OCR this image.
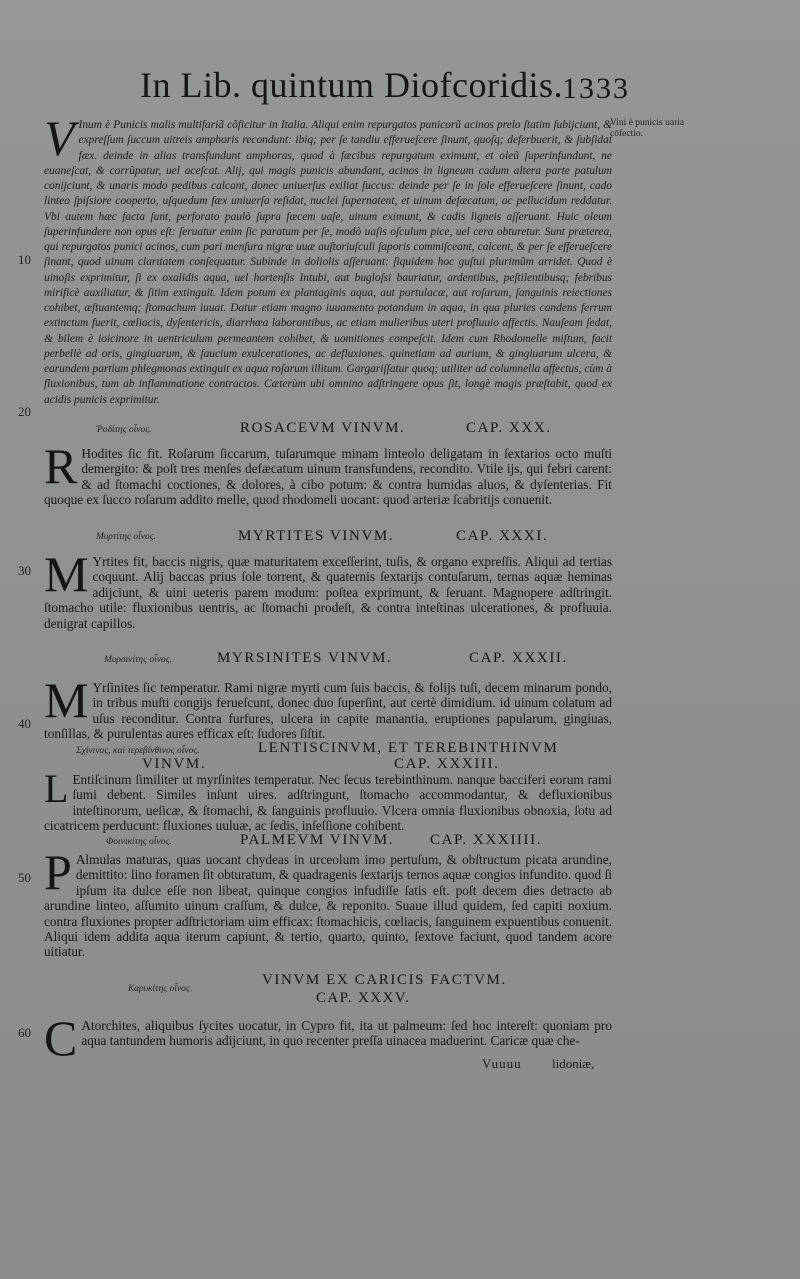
In Lib. quintum Diofcoridis. 1333
Vini è punicis uaria cōfectio.
10
20
30
40
50
60
V Inum è Punicis malis multifariã cõficitur in Italia. Aliqui enim repurgatos punicorũ acinos prelo ſtatim ſubijciunt, & expreſſum ſuccum uitreis amphoris recondunt: ibiq; per ſe tandiu efferueſcere ſinunt, quoſq; deferbuerit, & ſubſidat fæx. deinde in alias transfundunt amphoras, quod à fæcibus repurgatum eximunt, et oleũ ſuperinfundunt, ne euaneſcat, & corrũpatur, uel aceſcat. Alij, qui magis punicis abundant, acinos in ligneum cadum altera parte patulum conijciunt, & unaris modo pedibus calcant, donec uniuerſus exiliat ſuccus: deinde per ſe in ſole efferueſcere ſinunt, cado linteo ſpiſsiore cooperto, uſquedum fæx uniuerſa reſidat, nuclei ſupernatent, et uinum defæcatum, ac pellucidum reddatur. Vbi autem hæc facta ſunt, perforato paulò ſupra fæcem uaſe, uinum eximunt, & cadis ligneis aſſeruant. Huic oleum ſuperinfundere non opus eſt: ſeruatur enim ſic paratum per ſe, modò uaſis oſculum pice, uel cera obturetur. Sunt præterea, qui repurgatos punici acinos, cum pari menſura nigræ uuæ auſtoriuſculi ſaporis commiſceant, calcent, & per ſe efferueſcere ſinant, quod uinum clarιtatem conſequatur. Subinde in doliolis aſſeruant: ſiquidem hoc guſtui plurimũm arridet. Quod è uinoſis exprimitur, ſi ex oxalidis aqua, uel hortenſis Intubi, aut bugloſsi bauriatur, ardentibus, peſtilentibusq; febribus mirificè auxiliatur, & ſitim extinguit. Idem potum ex plantaginis aqua, aut portulacæ, aut roſarum, ſanguinis reiectiones cohibet, æſtuantemq; ſtomachum iuuat. Datur etiam magno iuuamento potandum in aqua, in qua pluries candens ferrum extinctum fuerit, cœliacis, dyſentericis, diarrhœa laborantibus, ac etiam mulieribus uteri profluuio affectis. Nauſeam ſedat, & bilem è ioicinore in uentriculum permeantem cohibet, & uomitiones compeſcit. Idem cum Rhodomelle miſtum, facit perbellè ad oris, gingiuarum, & faucium exulcerationes, ac defluxiones. quinetiam ad aurium, & gingiuarum ulcera, & earundem partium phlegmonas extinguit ex aqua roſarum illitum. Gargariſſatur quoq; utiliter ad columnella affectus, cùm à fluxionibus, tum ab inflammatione contractos. Cæterùm ubi omnino adſtringere opus ſit, longè magis præſtabit, quod ex acidis punicis exprimitur.
Ῥοδίτης οἶνος.	ROSACEVM VINVM.	CAP. XXX.
R Hodites ſic fit. Roſarum ſiccarum, tuſarumque minam linteolo deligatam in ſextarios octo muſti demergito: & poſt tres menſes defæcatum uinum transfundens, recondito. Vtile ijs, qui febri carent: & ad ſtomachi coctiones, & dolores, à cibo potum: & contra humidas aluos, & dyſenterias. Fit quoque ex ſucco roſarum addito melle, quod rhodomeli uocant: quod arteriæ ſcabritijs conuenit.
Μυρτίτης οἶνος.	MYRTITES VINVM.	CAP. XXXI.
M Yrtites fit, baccis nigris, quæ maturitatem exceſſerint, tuſis, & organo expreſſis. Aliqui ad tertias coquunt. Alij baccas prius ſole torrent, & quaternis ſextarijs contuſarum, ternas aquæ heminas adijciunt, & uini ueteris parem modum: poſtea exprimunt, & ſeruant. Magnopere adſtringit. ſtomacho utile: fluxionibus uentris, ac ſtomachi prodeſt, & contra inteſtinas ulcerationes, & profluuia. denigrat capillos.
Μυρσινίτης οἶνος.	MYRSINITES VINVM.	CAP. XXXII.
M Yrſinites ſic temperatur. Rami nigræ myrti cum ſuis baccis, & folijs tuſi, decem minarum pondo, in tribus muſti congijs ferueſcunt, donec duo ſuperſint, aut certè dimidium. id uinum colatum ad uſus reconditur. Contra furfures, ulcera in capite manantia, eruptiones papularum, gingiuas, tonſillas, & purulentas aures efficax eſt: ſudores ſiſtit.
Σχίνινος, καὶ τερεβίνθινος οἶνος.	LENTISCINVM, ET TEREBINTHINVM
VINVM.	CAP. XXXIII.
L Entiſcinum ſimiliter ut myrſinites temperatur. Nec ſecus terebinthinum. nanque bacciferi eorum rami ſumi debent. Similes inſunt uires. adſtringunt, ſtomacho accommodantur, & defluxionibus inteſtinorum, ueſicæ, & ſtomachi, & ſanguinis profluuio. Vlcera omnia fluxionibus obnoxia, ſotu ad cicatricem perducunt: fluxiones uuluæ, ac ſedis, inſeſſione cohibent.
Φοινικίτης οἶνος.	PALMEVM VINVM. CAP. XXXIIII.
P Almulas maturas, quas uocant chydeas in urceolum imo pertuſum, & obſtructum picata arundine, demittito: lino foramen ſit obturatum, & quadragenis ſextarijs ternos aquæ congios infundito. quod ſi ipſum ita dulce eſſe non libeat, quinque congios infudiſſe ſatis eſt. poſt decem dies detracto ab arundine linteo, aſſumito uinum craſſum, & dulce, & reponito. Suaue illud quidem, ſed capiti noxium. contra fluxiones propter adſtrictoriam uim efficax: ſtomachicis, cœliacis, ſanguinem expuentibus conuenit. Aliqui idem addita aqua iterum capiunt, & tertio, quarto, quinto, ſextove faciunt, quod tandem acore uitiatur.
Καρυκίτης οἶνος.
VINVM EX CARICIS FACTVM.
CAP. XXXV.
C Atorchites, aliquibus ſycites uocatur, in Cypro fit, ita ut palmeum: ſed hoc intereſt: quoniam pro aqua tantundem humoris adijciunt, in quo recenter preſſa uinacea maduerint. Caricæ quæ che-
Vuuuu lidoniæ,
